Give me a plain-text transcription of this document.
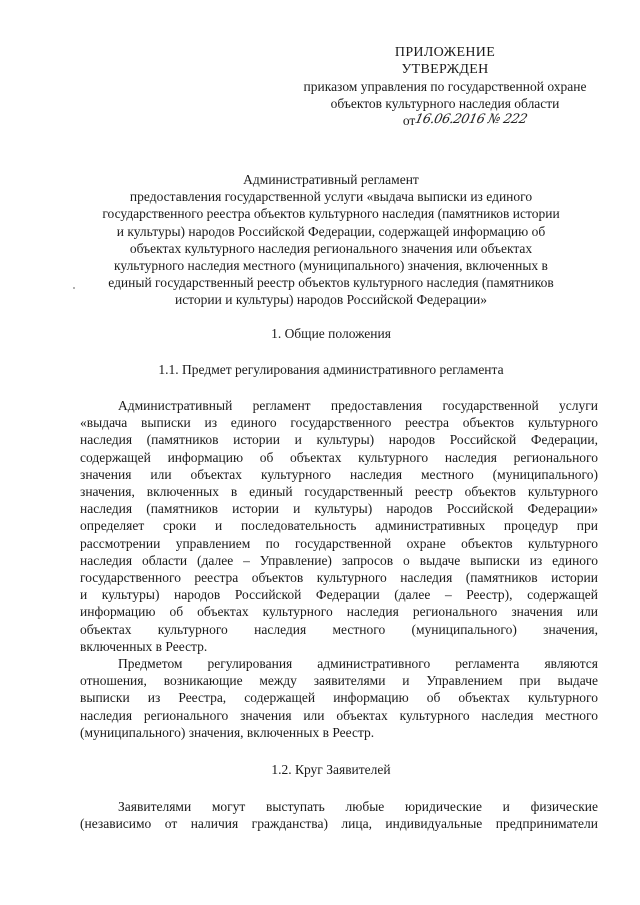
ПРИЛОЖЕНИЕ
УТВЕРЖДЕН
приказом управления по государственной охране
объектов культурного наследия области
от16.06.2016 № 222
Административный регламент
предоставления государственной услуги «выдача выписки из единого
государственного реестра объектов культурного наследия (памятников истории
и культуры) народов Российской Федерации, содержащей информацию об
объектах культурного наследия регионального значения или объектах
культурного наследия местного (муниципального) значения, включенных в
единый государственный реестр объектов культурного наследия (памятников
истории и культуры) народов Российской Федерации»
1. Общие положения
1.1. Предмет регулирования административного регламента
Административный регламент предоставления государственной услуги
«выдача выписки из единого государственного реестра объектов культурного
наследия (памятников истории и культуры) народов Российской Федерации,
содержащей информацию об объектах культурного наследия регионального
значения или объектах культурного наследия местного (муниципального)
значения, включенных в единый государственный реестр объектов культурного
наследия (памятников истории и культуры) народов Российской Федерации»
определяет сроки и последовательность административных процедур при
рассмотрении управлением по государственной охране объектов культурного
наследия области (далее – Управление) запросов о выдаче выписки из единого
государственного реестра объектов культурного наследия (памятников истории
и культуры) народов Российской Федерации (далее – Реестр), содержащей
информацию об объектах культурного наследия регионального значения или
объектах культурного наследия местного (муниципального) значения,
включенных в Реестр.
Предметом регулирования административного регламента являются
отношения, возникающие между заявителями и Управлением при выдаче
выписки из Реестра, содержащей информацию об объектах культурного
наследия регионального значения или объектах культурного наследия местного
(муниципального) значения, включенных в Реестр.
1.2. Круг Заявителей
Заявителями могут выступать любые юридические и физические
(независимо от наличия гражданства) лица, индивидуальные предприниматели
